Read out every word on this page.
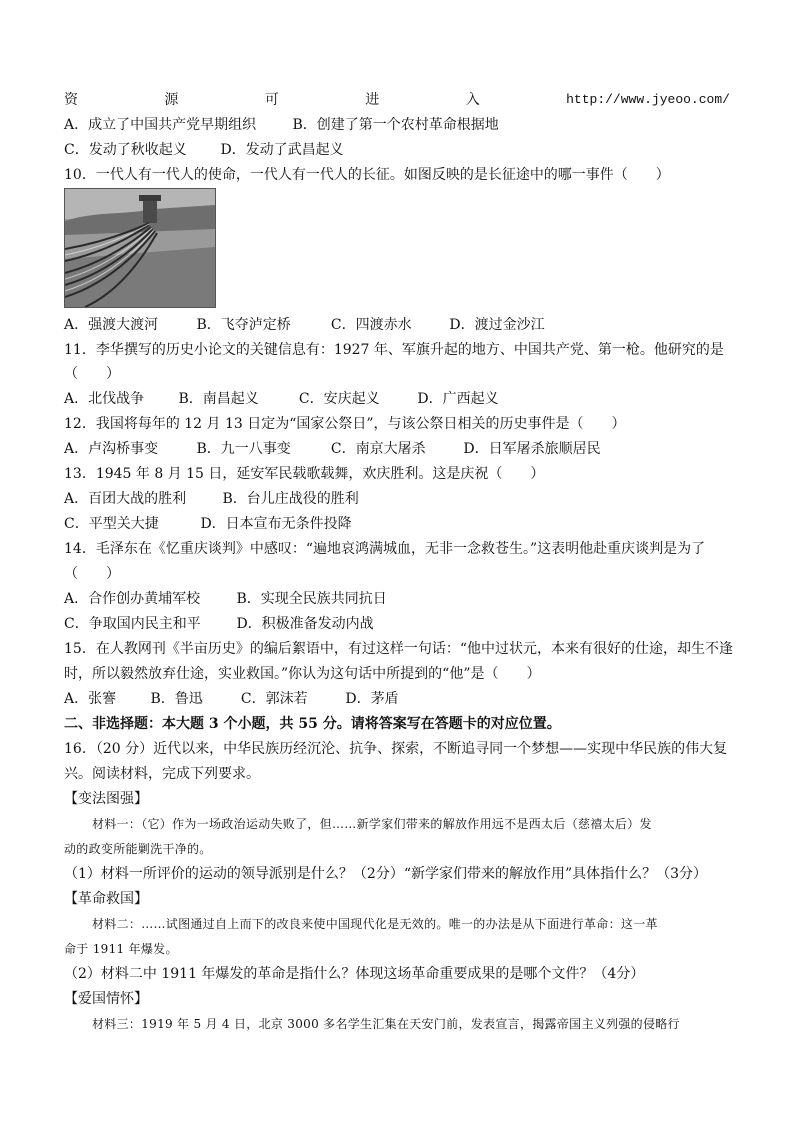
资	源	可	进	入	http://www.jyeoo.com/
A．成立了中国共产党早期组织	B．创建了第一个农村革命根据地
C．发动了秋收起义 D．发动了武昌起义
10．一代人有一代人的使命，一代人有一代人的长征。如图反映的是长征途中的哪一事件（　　）
A．强渡大渡河	B．飞夺泸定桥	C．四渡赤水	D．渡过金沙江
11．李华撰写的历史小论文的关键信息有：1927 年、军旗升起的地方、中国共产党、第一枪。他研究的是
（　　）
A．北伐战争 B．南昌起义	C．安庆起义	D．广西起义
12．我国将每年的 12 月 13 日定为“国家公祭日”，与该公祭日相关的历史事件是（　　）
A．卢沟桥事变	B．九一八事变	C．南京大屠杀	D．日军屠杀旅顺居民
13．1945 年 8 月 15 日，延安军民载歌载舞，欢庆胜利。这是庆祝（　　）
A．百团大战的胜利	B．台儿庄战役的胜利
C．平型关大捷	D．日本宣布无条件投降
14．毛泽东在《忆重庆谈判》中感叹：“遍地哀鸿满城血，无非一念救苍生。”这表明他赴重庆谈判是为了
（　　）
A．合作创办黄埔军校	B．实现全民族共同抗日
C．争取国内民主和平	D．积极准备发动内战
15．在人教网刊《半亩历史》的编后絮语中，有过这样一句话：“他中过状元，本来有很好的仕途，却生不逢
时，所以毅然放弃仕途，实业救国。”你认为这句话中所提到的“他”是（　　）
A．张謇 B．鲁迅	C．郭沫若	D．茅盾
二、非选择题：本大题 3 个小题，共 55 分。请将答案写在答题卡的对应位置。
16．（20 分）近代以来，中华民族历经沉沦、抗争、探索，不断追寻同一个梦想——实现中华民族的伟大复
兴。阅读材料，完成下列要求。
【变法图强】
材料一：（它）作为一场政治运动失败了，但……新学家们带来的解放作用远不是西太后（慈禧太后）发
动的政变所能剿洗干净的。
（1）材料一所评价的运动的领导派别是什么？（2分）“新学家们带来的解放作用”具体指什么？（3分）
【革命救国】
材料二：……试图通过自上而下的改良来使中国现代化是无效的。唯一的办法是从下面进行革命：这一革
命于 1911 年爆发。
（2）材料二中 1911 年爆发的革命是指什么？体现这场革命重要成果的是哪个文件？（4分）
【爱国情怀】
材料三：1919 年 5 月 4 日，北京 3000 多名学生汇集在天安门前，发表宣言，揭露帝国主义列强的侵略行
